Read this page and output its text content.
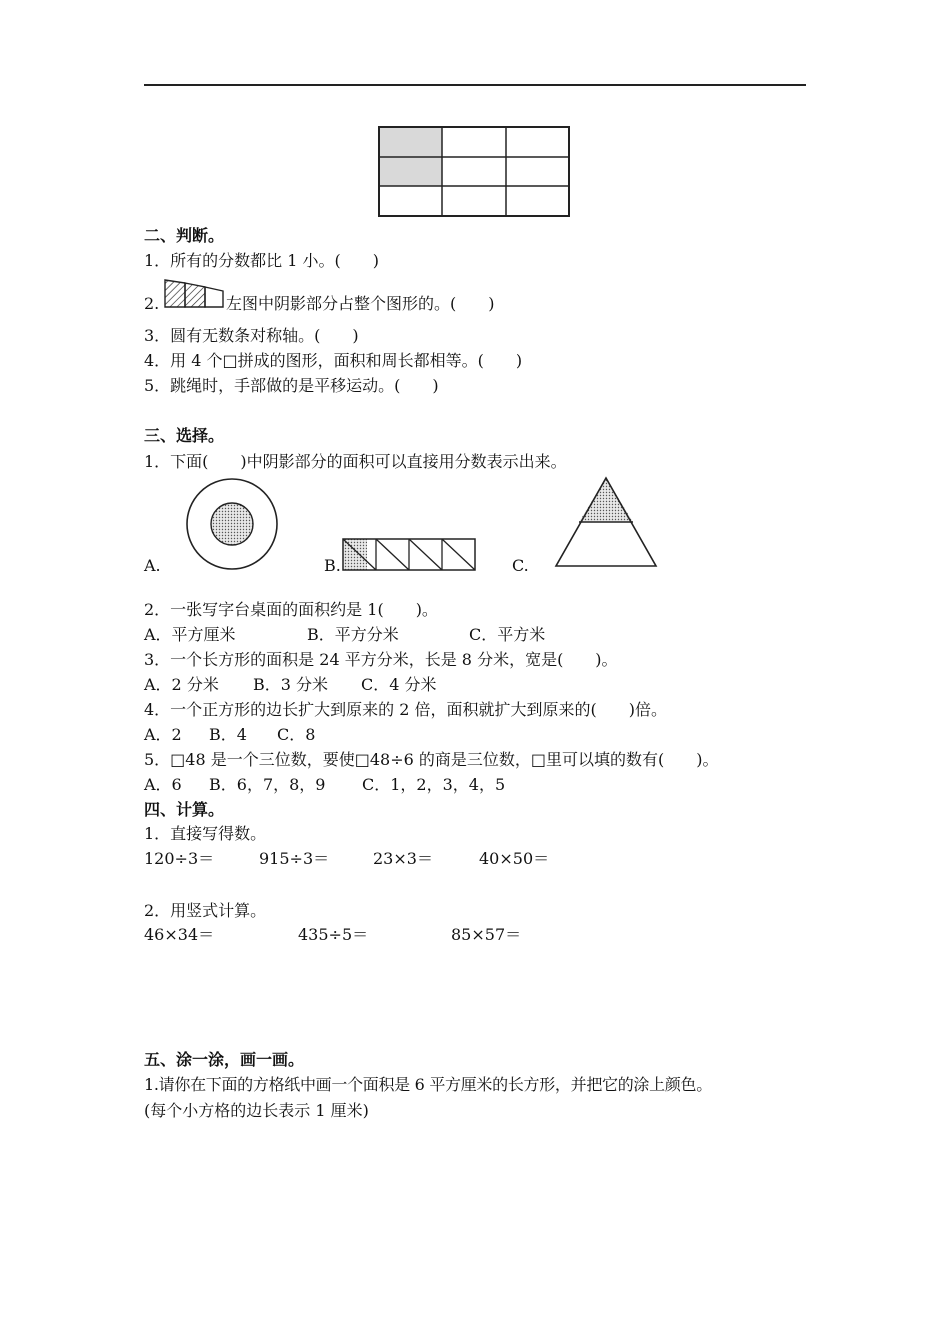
二、判断。
1．所有的分数都比 1 小。(　　)
2.	左图中阴影部分占整个图形的。(　　)
3．圆有无数条对称轴。(　　)
4．用 4 个□拼成的图形，面积和周长都相等。(　　)
5．跳绳时，手部做的是平移运动。(　　)
三、选择。
1．下面(　　)中阴影部分的面积可以直接用分数表示出来。
A.	B.	C.
2．一张写字台桌面的面积约是 1(　　)。
A．平方厘米	B．平方分米	C．平方米
3．一个长方形的面积是 24 平方分米，长是 8 分米，宽是(　　)。
A．2 分米 B．3 分米 C．4 分米
4．一个正方形的边长扩大到原来的 2 倍，面积就扩大到原来的(　　)倍。
A．2 B．4 C．8
5．□48 是一个三位数，要使□48÷6 的商是三位数，□里可以填的数有(　　)。
A．6 B．6，7，8，9 C．1，2，3，4，5
四、计算。
1．直接写得数。
120÷3＝	915÷3＝	23×3＝	40×50＝
2．用竖式计算。
46×34＝	435÷5＝	85×57＝
五、涂一涂，画一画。
1.请你在下面的方格纸中画一个面积是 6 平方厘米的长方形，并把它的涂上颜色。
(每个小方格的边长表示 1 厘米)
